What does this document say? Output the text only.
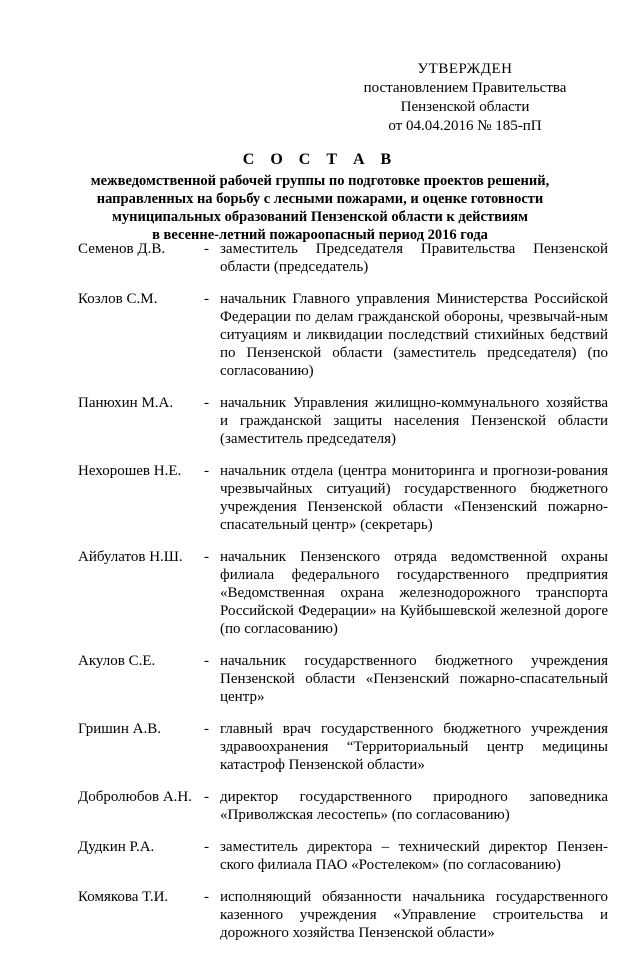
УТВЕРЖДЕН
постановлением Правительства
Пензенской области
от 04.04.2016 № 185-пП
С О С Т А В
межведомственной рабочей группы по подготовке проектов решений,
направленных на борьбу с лесными пожарами, и оценке готовности
муниципальных образований Пензенской области к действиям
в весенне-летний пожароопасный период 2016 года
Семенов Д.В.	- заместитель Председателя Правительства Пензенской области (председатель)
Козлов С.М.	- начальник Главного управления Министерства Российской Федерации по делам гражданской обороны, чрезвычай-ным ситуациям и ликвидации последствий стихийных бедствий по Пензенской области (заместитель председателя) (по согласованию)
Панюхин М.А.	- начальник Управления жилищно-коммунального хозяйства и гражданской защиты населения Пензенской области (заместитель председателя)
Нехорошев Н.Е.	- начальник отдела (центра мониторинга и прогнози-рования чрезвычайных ситуаций) государственного бюджетного учреждения Пензенской области «Пензенский пожарно-спасательный центр» (секретарь)
Айбулатов Н.Ш.	- начальник Пензенского отряда ведомственной охраны филиала федерального государственного предприятия «Ведомственная охрана железнодорожного транспорта Российской Федерации» на Куйбышевской железной дороге (по согласованию)
Акулов С.Е.	- начальник государственного бюджетного учреждения Пензенской области «Пензенский пожарно-спасательный центр»
Гришин А.В.	- главный врач государственного бюджетного учреждения здравоохранения “Территориальный центр медицины катастроф Пензенской области»
Добролюбов А.Н. - директор государственного природного заповедника «Приволжская лесостепь» (по согласованию)
Дудкин Р.А.	- заместитель директора – технический директор Пензен-ского филиала ПАО «Ростелеком» (по согласованию)
Комякова Т.И.	- исполняющий обязанности начальника государственного казенного учреждения «Управление строительства и дорожного хозяйства Пензенской области»
